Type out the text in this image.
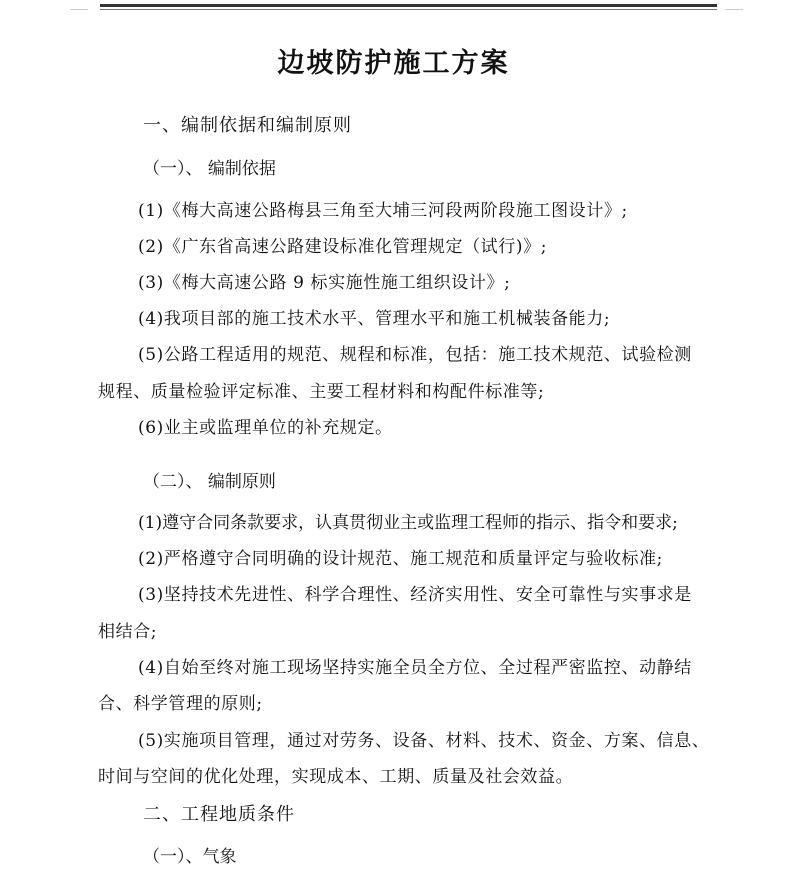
边坡防护施工方案
一、编制依据和编制原则
（一）、 编制依据
(1)《梅大高速公路梅县三角至大埔三河段两阶段施工图设计》;
(2)《广东省高速公路建设标准化管理规定（试行)》;
(3)《梅大高速公路 9 标实施性施工组织设计》;
(4)我项目部的施工技术水平、管理水平和施工机械装备能力;
(5)公路工程适用的规范、规程和标准，包括：施工技术规范、试验检测
规程、质量检验评定标准、主要工程材料和构配件标准等;
(6)业主或监理单位的补充规定。
（二）、 编制原则
(1)遵守合同条款要求，认真贯彻业主或监理工程师的指示、指令和要求;
(2)严格遵守合同明确的设计规范、施工规范和质量评定与验收标准;
(3)坚持技术先进性、科学合理性、经济实用性、安全可靠性与实事求是
相结合;
(4)自始至终对施工现场坚持实施全员全方位、全过程严密监控、动静结
合、科学管理的原则;
(5)实施项目管理，通过对劳务、设备、材料、技术、资金、方案、信息、
时间与空间的优化处理，实现成本、工期、质量及社会效益。
二、工程地质条件
（一）、气象
